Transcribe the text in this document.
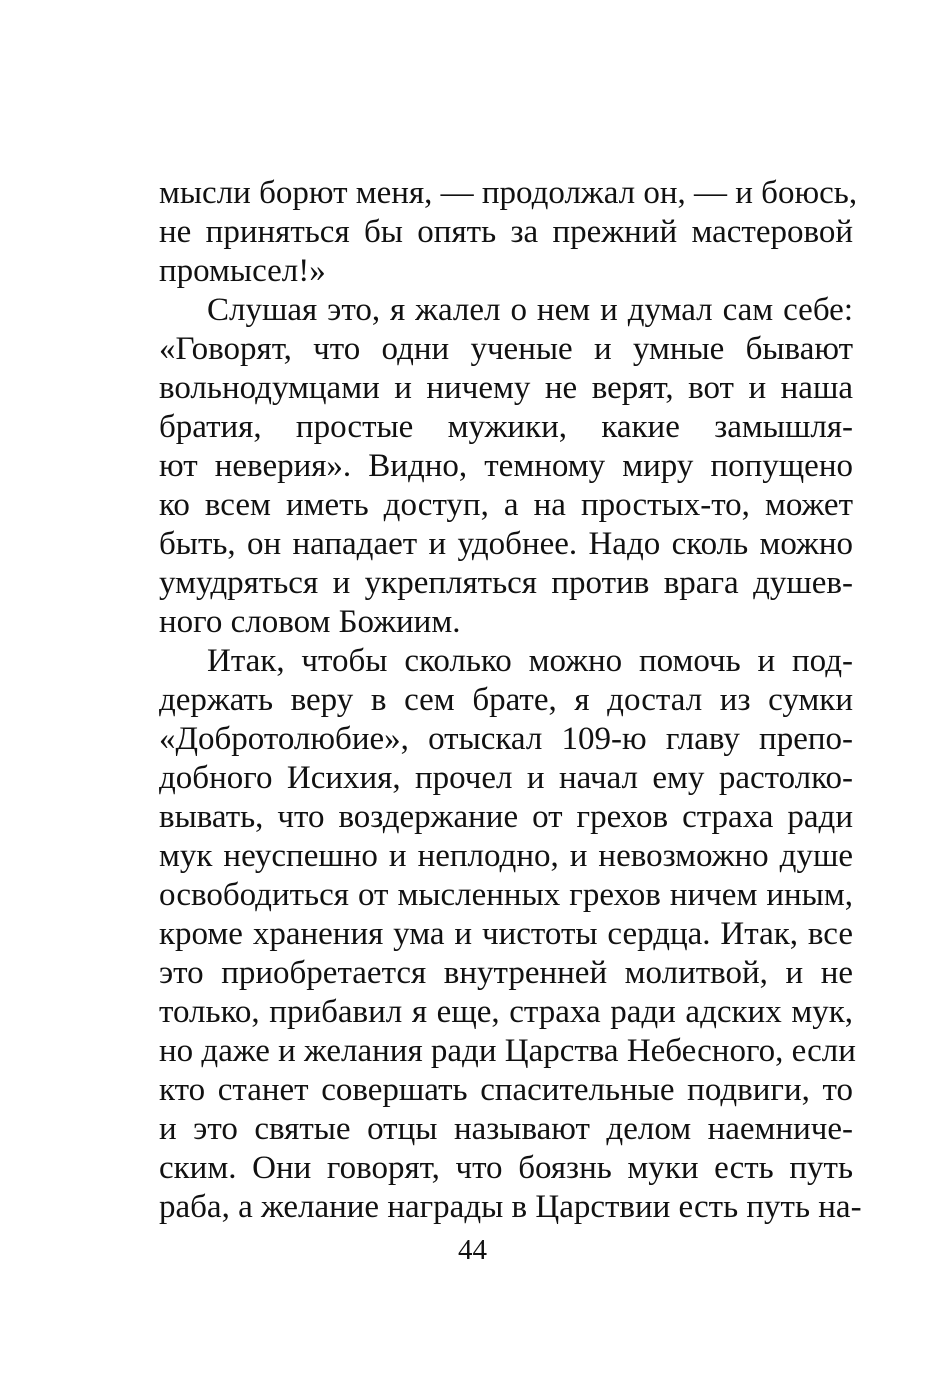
мысли борют меня, — продолжал он, — и боюсь,
не приняться бы опять за прежний мастеровой
промысел!»
Слушая это, я жалел о нем и думал сам себе:
«Говорят, что одни ученые и умные бывают
вольнодумцами и ничему не верят, вот и наша
братия, простые мужики, какие замышля-
ют неверия». Видно, темному миру попущено
ко всем иметь доступ, а на простых-то, может
быть, он нападает и удобнее. Надо сколь можно
умудряться и укрепляться против врага душев-
ного словом Божиим.
Итак, чтобы сколько можно помочь и под-
держать веру в сем брате, я достал из сумки
«Добротолюбие», отыскал 109-ю главу препо-
добного Исихия, прочел и начал ему растолко-
вывать, что воздержание от грехов страха ради
мук неуспешно и неплодно, и невозможно душе
освободиться от мысленных грехов ничем иным,
кроме хранения ума и чистоты сердца. Итак, все
это приобретается внутренней молитвой, и не
только, прибавил я еще, страха ради адских мук,
но даже и желания ради Царства Небесного, если
кто станет совершать спасительные подвиги, то
и это святые отцы называют делом наемниче-
ским. Они говорят, что боязнь муки есть путь
раба, а желание награды в Царствии есть путь на-
44
